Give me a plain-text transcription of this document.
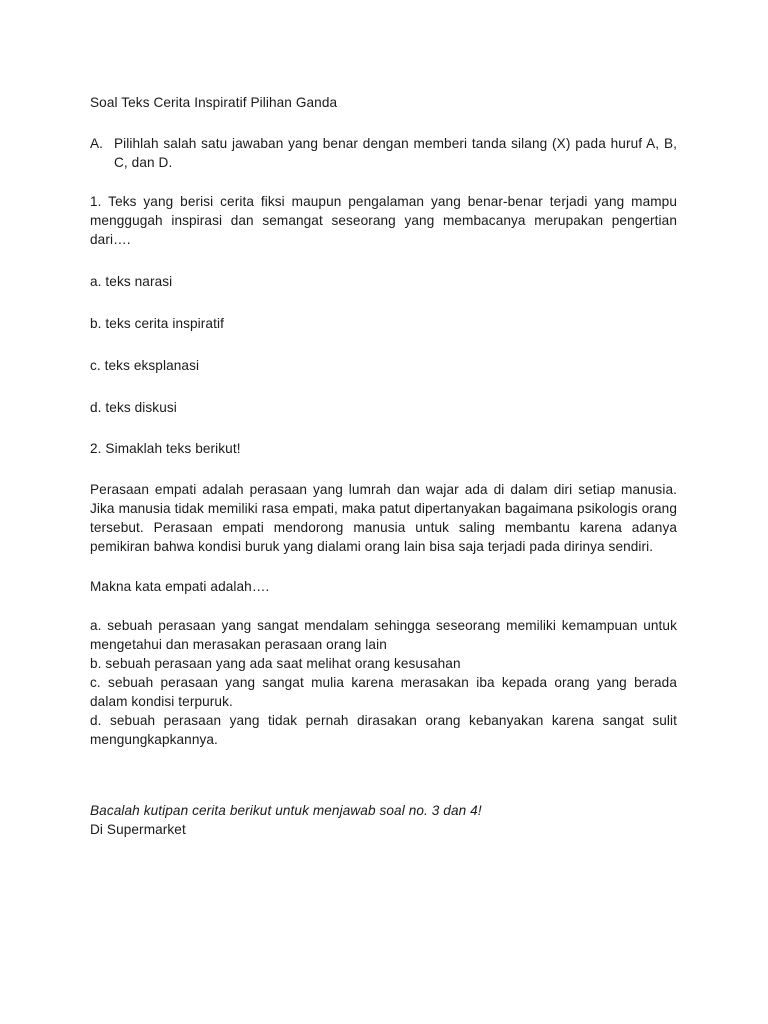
Soal Teks Cerita Inspiratif Pilihan Ganda

A. Pilihlah salah satu jawaban yang benar dengan memberi tanda silang (X) pada huruf A, B, C, dan D.

1. Teks yang berisi cerita fiksi maupun pengalaman yang benar-benar terjadi yang mampu menggugah inspirasi dan semangat seseorang yang membacanya merupakan pengertian dari….

a. teks narasi

b. teks cerita inspiratif

c. teks eksplanasi

d. teks diskusi

2. Simaklah teks berikut!

Perasaan empati adalah perasaan yang lumrah dan wajar ada di dalam diri setiap manusia. Jika manusia tidak memiliki rasa empati, maka patut dipertanyakan bagaimana psikologis orang tersebut. Perasaan empati mendorong manusia untuk saling membantu karena adanya pemikiran bahwa kondisi buruk yang dialami orang lain bisa saja terjadi pada dirinya sendiri.

Makna kata empati adalah….

a. sebuah perasaan yang sangat mendalam sehingga seseorang memiliki kemampuan untuk mengetahui dan merasakan perasaan orang lain

b. sebuah perasaan yang ada saat melihat orang kesusahan

c. sebuah perasaan yang sangat mulia karena merasakan iba kepada orang yang berada dalam kondisi terpuruk.

d. sebuah perasaan yang tidak pernah dirasakan orang kebanyakan karena sangat sulit mengungkapkannya.

Bacalah kutipan cerita berikut untuk menjawab soal no. 3 dan 4!

Di Supermarket
